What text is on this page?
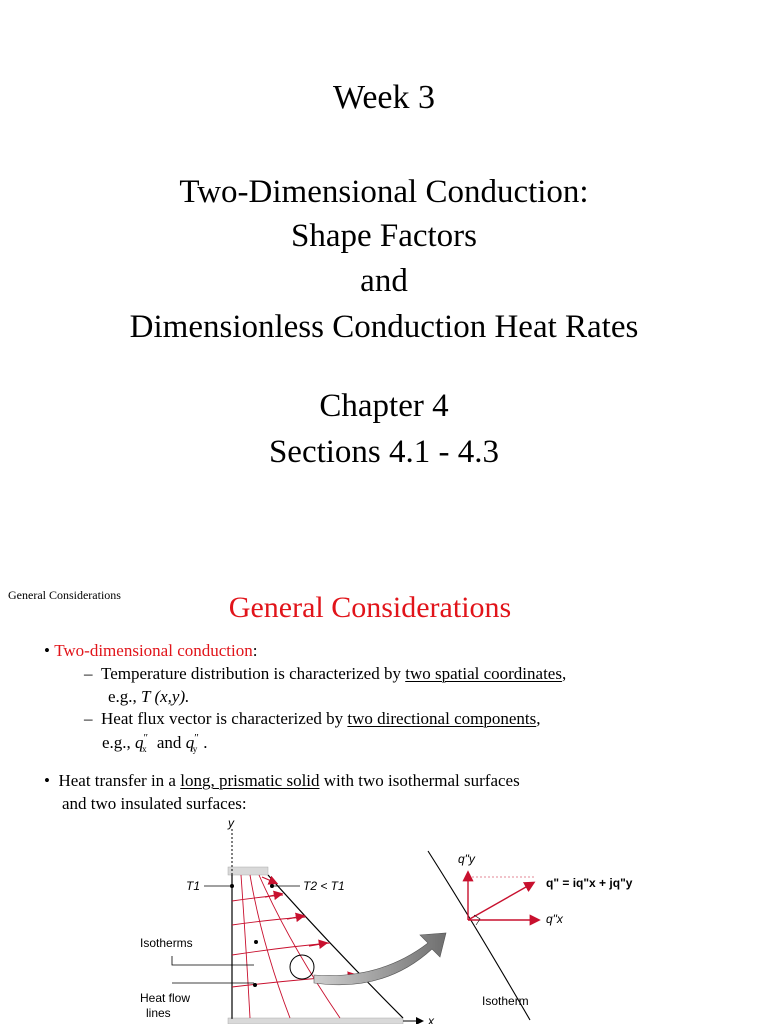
Week 3
Two-Dimensional Conduction:
Shape Factors
and
Dimensionless Conduction Heat Rates
Chapter 4
Sections 4.1 - 4.3
General Considerations	General Considerations
• Two-dimensional conduction:
–  Temperature distribution is characterized by two spatial coordinates,
e.g., T (x,y).
–  Heat flux vector is characterized by two directional components,
e.g., $q''_x$ and $q''_y$ .
•  Heat transfer in a long, prismatic solid with two isothermal surfaces
and two insulated surfaces:
y
x
T1	T2 < T1
Isotherms
Heat flow
lines
Isotherm
q"y
q"x
q" = iq"x + jq"y
